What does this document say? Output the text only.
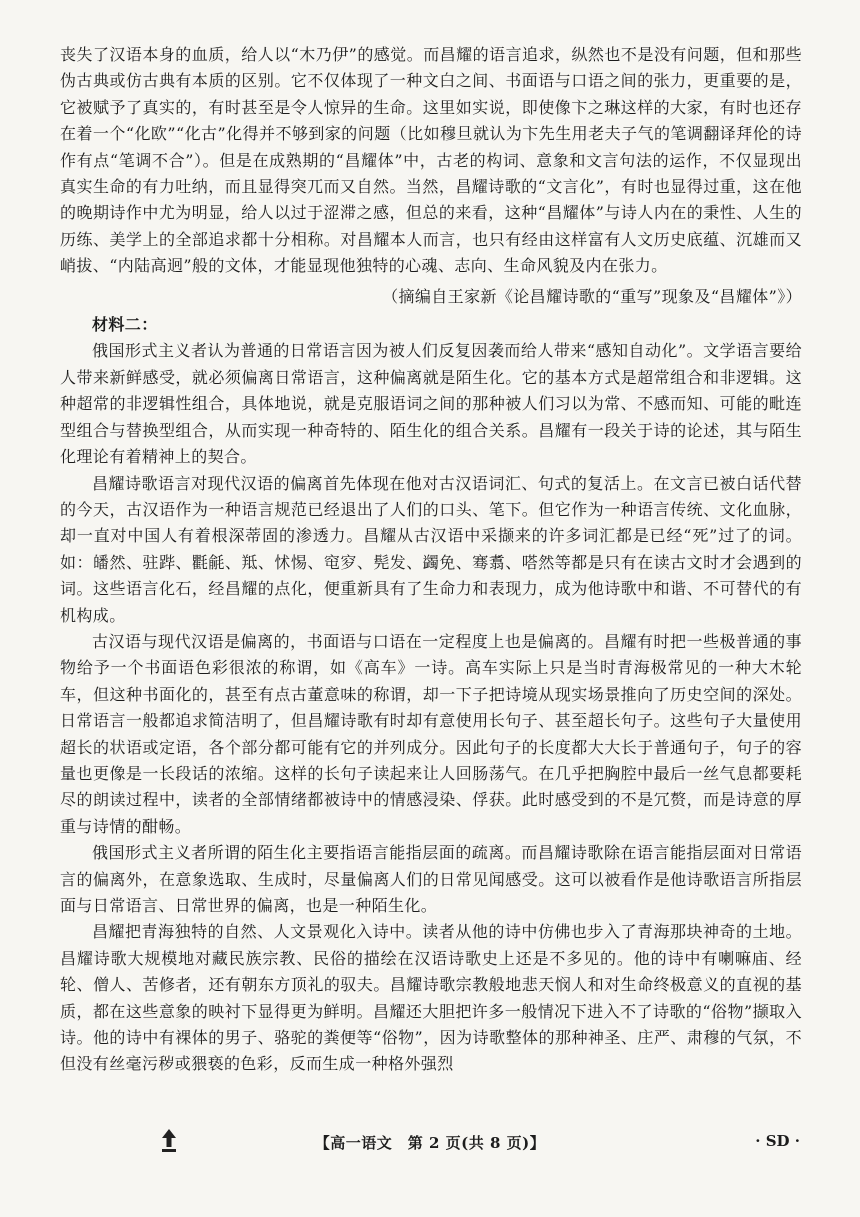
丧失了汉语本身的血质，给人以“木乃伊”的感觉。而昌耀的语言追求，纵然也不是没有问题，但和那些伪古典或仿古典有本质的区别。它不仅体现了一种文白之间、书面语与口语之间的张力，更重要的是，它被赋予了真实的，有时甚至是令人惊异的生命。这里如实说，即使像卞之琳这样的大家，有时也还存在着一个“化欧”“化古”化得并不够到家的问题（比如穆旦就认为卞先生用老夫子气的笔调翻译拜伦的诗作有点“笔调不合”）。但是在成熟期的“昌耀体”中，古老的构词、意象和文言句法的运作，不仅显现出真实生命的有力吐纳，而且显得突兀而又自然。当然，昌耀诗歌的“文言化”，有时也显得过重，这在他的晚期诗作中尤为明显，给人以过于涩滞之感，但总的来看，这种“昌耀体”与诗人内在的秉性、人生的历练、美学上的全部追求都十分相称。对昌耀本人而言，也只有经由这样富有人文历史底蕴、沉雄而又峭拔、“内陆高迥”般的文体，才能显现他独特的心魂、志向、生命风貌及内在张力。

（摘编自王家新《论昌耀诗歌的“重写”现象及“昌耀体”》）

材料二：

俄国形式主义者认为普通的日常语言因为被人们反复因袭而给人带来“感知自动化”。文学语言要给人带来新鲜感受，就必须偏离日常语言，这种偏离就是陌生化。它的基本方式是超常组合和非逻辑。这种超常的非逻辑性组合，具体地说，就是克服语词之间的那种被人们习以为常、不感而知、可能的毗连型组合与替换型组合，从而实现一种奇特的、陌生化的组合关系。昌耀有一段关于诗的论述，其与陌生化理论有着精神上的契合。

昌耀诗歌语言对现代汉语的偏离首先体现在他对古汉语词汇、句式的复活上。在文言已被白话代替的今天，古汉语作为一种语言规范已经退出了人们的口头、笔下。但它作为一种语言传统、文化血脉，却一直对中国人有着根深蒂固的渗透力。昌耀从古汉语中采撷来的许多词汇都是已经“死”过了的词。如：皤然、驻跸、氍毹、羝、怵惕、窀穸、髡发、蠲免、骞翥、嗒然等都是只有在读古文时才会遇到的词。这些语言化石，经昌耀的点化，便重新具有了生命力和表现力，成为他诗歌中和谐、不可替代的有机构成。

古汉语与现代汉语是偏离的，书面语与口语在一定程度上也是偏离的。昌耀有时把一些极普通的事物给予一个书面语色彩很浓的称谓，如《高车》一诗。高车实际上只是当时青海极常见的一种大木轮车，但这种书面化的，甚至有点古董意味的称谓，却一下子把诗境从现实场景推向了历史空间的深处。日常语言一般都追求简洁明了，但昌耀诗歌有时却有意使用长句子、甚至超长句子。这些句子大量使用超长的状语或定语，各个部分都可能有它的并列成分。因此句子的长度都大大长于普通句子，句子的容量也更像是一长段话的浓缩。这样的长句子读起来让人回肠荡气。在几乎把胸腔中最后一丝气息都要耗尽的朗读过程中，读者的全部情绪都被诗中的情感浸染、俘获。此时感受到的不是冗赘，而是诗意的厚重与诗情的酣畅。

俄国形式主义者所谓的陌生化主要指语言能指层面的疏离。而昌耀诗歌除在语言能指层面对日常语言的偏离外，在意象选取、生成时，尽量偏离人们的日常见闻感受。这可以被看作是他诗歌语言所指层面与日常语言、日常世界的偏离，也是一种陌生化。

昌耀把青海独特的自然、人文景观化入诗中。读者从他的诗中仿佛也步入了青海那块神奇的土地。昌耀诗歌大规模地对藏民族宗教、民俗的描绘在汉语诗歌史上还是不多见的。他的诗中有喇嘛庙、经轮、僧人、苦修者，还有朝东方顶礼的驭夫。昌耀诗歌宗教般地悲天悯人和对生命终极意义的直视的基质，都在这些意象的映衬下显得更为鲜明。昌耀还大胆把许多一般情况下进入不了诗歌的“俗物”撷取入诗。他的诗中有裸体的男子、骆驼的粪便等“俗物”，因为诗歌整体的那种神圣、庄严、肃穆的气氛，不但没有丝毫污秽或猥亵的色彩，反而生成一种格外强烈

【高一语文　第 2 页(共 8 页)】	· SD ·
